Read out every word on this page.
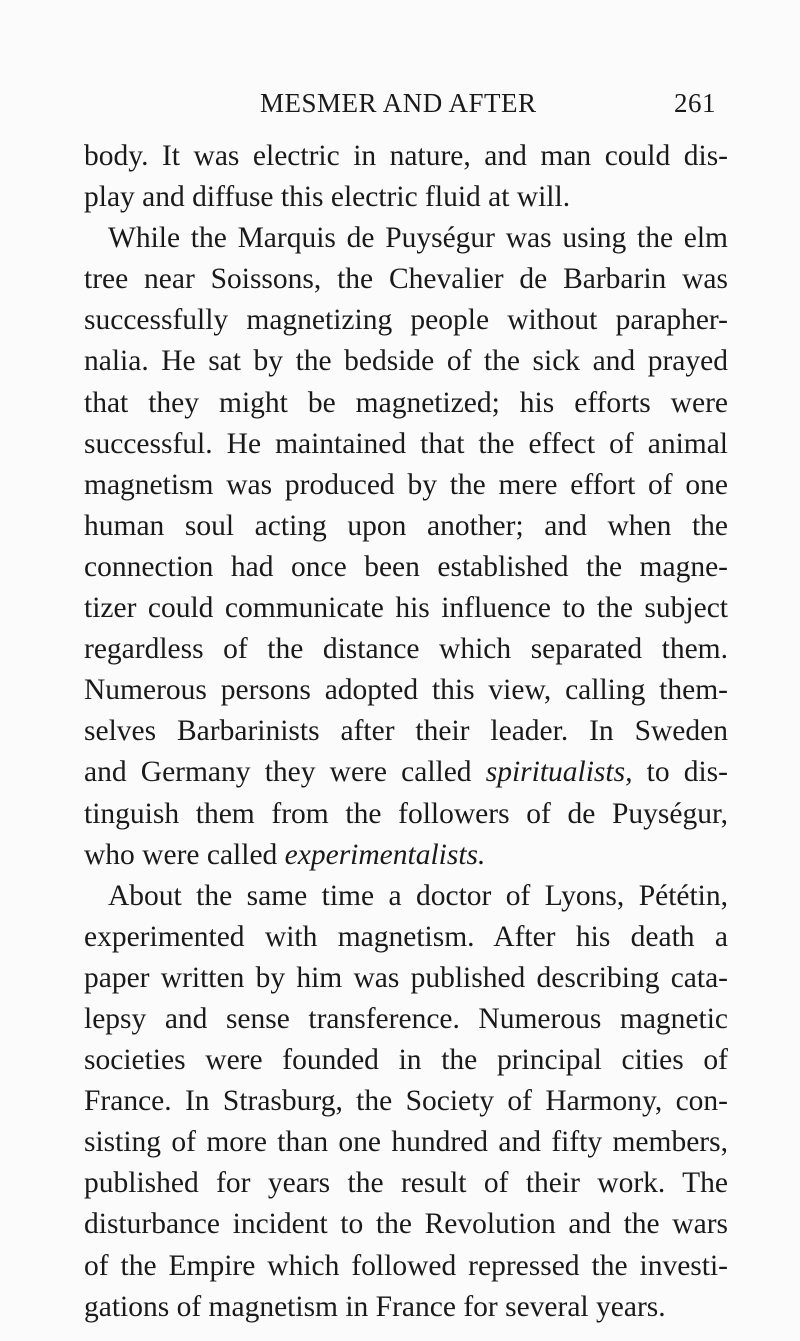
MESMER AND AFTER	261
body. It was electric in nature, and man could dis-
play and diffuse this electric fluid at will.
While the Marquis de Puységur was using the elm
tree near Soissons, the Chevalier de Barbarin was
successfully magnetizing people without parapher-
nalia. He sat by the bedside of the sick and prayed
that they might be magnetized; his efforts were
successful. He maintained that the effect of animal
magnetism was produced by the mere effort of one
human soul acting upon another; and when the
connection had once been established the magne-
tizer could communicate his influence to the subject
regardless of the distance which separated them.
Numerous persons adopted this view, calling them-
selves Barbarinists after their leader. In Sweden
and Germany they were called spiritualists, to dis-
tinguish them from the followers of de Puységur,
who were called experimentalists.
About the same time a doctor of Lyons, Pététin,
experimented with magnetism. After his death a
paper written by him was published describing cata-
lepsy and sense transference. Numerous magnetic
societies were founded in the principal cities of
France. In Strasburg, the Society of Harmony, con-
sisting of more than one hundred and fifty members,
published for years the result of their work. The
disturbance incident to the Revolution and the wars
of the Empire which followed repressed the investi-
gations of magnetism in France for several years.
